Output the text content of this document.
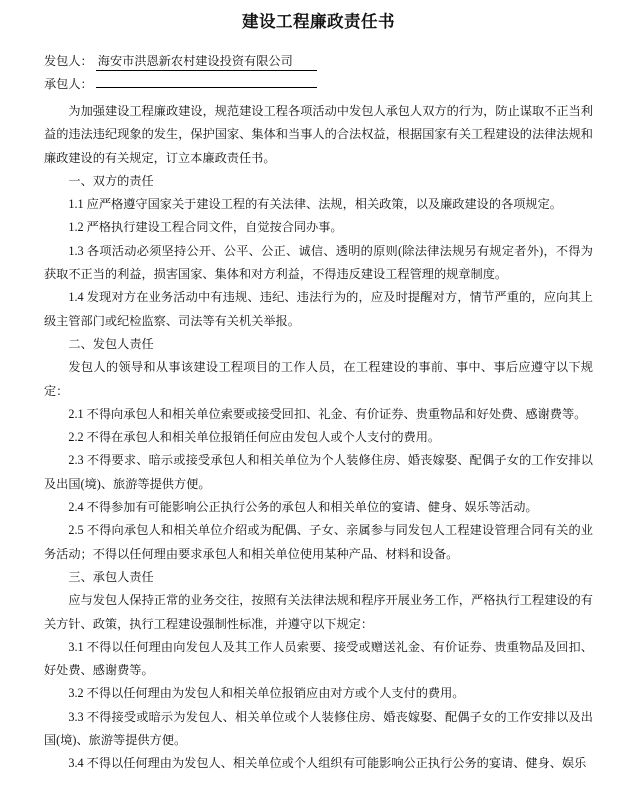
建设工程廉政责任书
发包人： 海安市洪恩新农村建设投资有限公司
承包人：

为加强建设工程廉政建设，规范建设工程各项活动中发包人承包人双方的行为，防止谋取不正当利益的违法违纪现象的发生，保护国家、集体和当事人的合法权益，根据国家有关工程建设的法律法规和廉政建设的有关规定，订立本廉政责任书。

一、双方的责任

1.1 应严格遵守国家关于建设工程的有关法律、法规，相关政策，以及廉政建设的各项规定。

1.2 严格执行建设工程合同文件，自觉按合同办事。

1.3 各项活动必须坚持公开、公平、公正、诚信、透明的原则(除法律法规另有规定者外)，不得为获取不正当的利益，损害国家、集体和对方利益，不得违反建设工程管理的规章制度。

1.4 发现对方在业务活动中有违规、违纪、违法行为的，应及时提醒对方，情节严重的，应向其上级主管部门或纪检监察、司法等有关机关举报。

二、发包人责任

发包人的领导和从事该建设工程项目的工作人员，在工程建设的事前、事中、事后应遵守以下规定：

2.1 不得向承包人和相关单位索要或接受回扣、礼金、有价证券、贵重物品和好处费、感谢费等。

2.2 不得在承包人和相关单位报销任何应由发包人或个人支付的费用。

2.3 不得要求、暗示或接受承包人和相关单位为个人装修住房、婚丧嫁娶、配偶子女的工作安排以及出国(境)、旅游等提供方便。

2.4 不得参加有可能影响公正执行公务的承包人和相关单位的宴请、健身、娱乐等活动。

2.5 不得向承包人和相关单位介绍或为配偶、子女、亲属参与同发包人工程建设管理合同有关的业务活动；不得以任何理由要求承包人和相关单位使用某种产品、材料和设备。

三、承包人责任

应与发包人保持正常的业务交往，按照有关法律法规和程序开展业务工作，严格执行工程建设的有关方针、政策，执行工程建设强制性标准，并遵守以下规定：

3.1 不得以任何理由向发包人及其工作人员索要、接受或赠送礼金、有价证券、贵重物品及回扣、好处费、感谢费等。

3.2 不得以任何理由为发包人和相关单位报销应由对方或个人支付的费用。

3.3 不得接受或暗示为发包人、相关单位或个人装修住房、婚丧嫁娶、配偶子女的工作安排以及出国(境)、旅游等提供方便。

3.4 不得以任何理由为发包人、相关单位或个人组织有可能影响公正执行公务的宴请、健身、娱乐
